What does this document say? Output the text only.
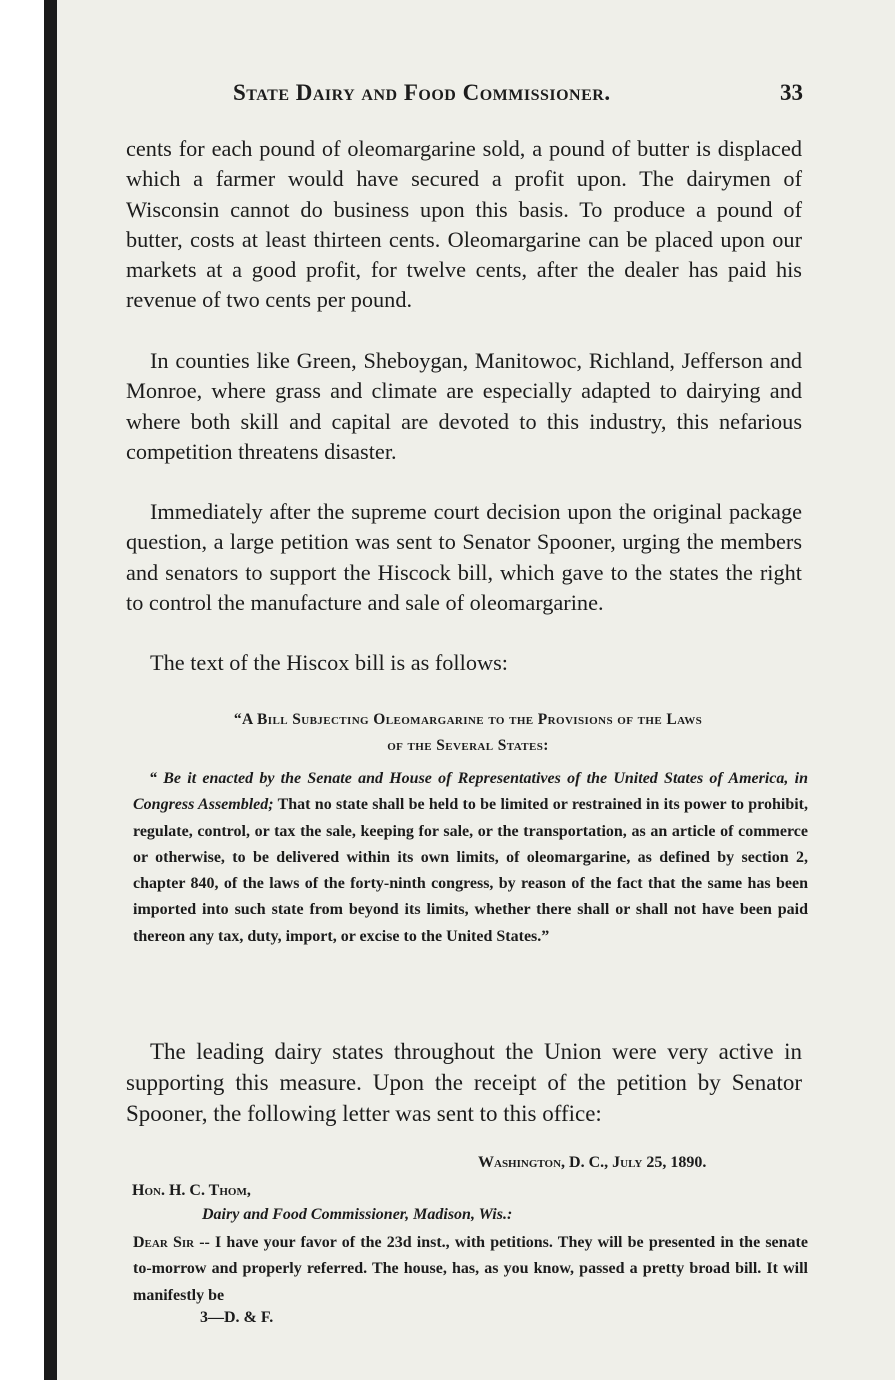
State Dairy and Food Commissioner.	33

cents for each pound of oleomargarine sold, a pound of butter is displaced which a farmer would have secured a profit upon. The dairymen of Wisconsin cannot do business upon this basis. To produce a pound of butter, costs at least thirteen cents. Oleomargarine can be placed upon our markets at a good profit, for twelve cents, after the dealer has paid his revenue of two cents per pound.

In counties like Green, Sheboygan, Manitowoc, Richland, Jefferson and Monroe, where grass and climate are especially adapted to dairying and where both skill and capital are devoted to this industry, this nefarious competition threatens disaster.

Immediately after the supreme court decision upon the original package question, a large petition was sent to Senator Spooner, urging the members and senators to support the Hiscock bill, which gave to the states the right to control the manufacture and sale of oleomargarine.

The text of the Hiscox bill is as follows:

“A Bill Subjecting Oleomargarine to the Provisions of the Laws
of the Several States:

“ Be it enacted by the Senate and House of Representatives of the United States of America, in Congress Assembled; That no state shall be held to be limited or restrained in its power to prohibit, regulate, control, or tax the sale, keeping for sale, or the transportation, as an article of commerce or otherwise, to be delivered within its own limits, of oleomargarine, as defined by section 2, chapter 840, of the laws of the forty-ninth congress, by reason of the fact that the same has been imported into such state from beyond its limits, whether there shall or shall not have been paid thereon any tax, duty, import, or excise to the United States.”

The leading dairy states throughout the Union were very active in supporting this measure. Upon the receipt of the petition by Senator Spooner, the following letter was sent to this office:

Washington, D. C., July 25, 1890.
Hon. H. C. Thom,
Dairy and Food Commissioner, Madison, Wis.:

Dear Sir -- I have your favor of the 23d inst., with petitions. They will be presented in the senate to-morrow and properly referred. The house, has, as you know, passed a pretty broad bill. It will manifestly be

3—D. & F.
